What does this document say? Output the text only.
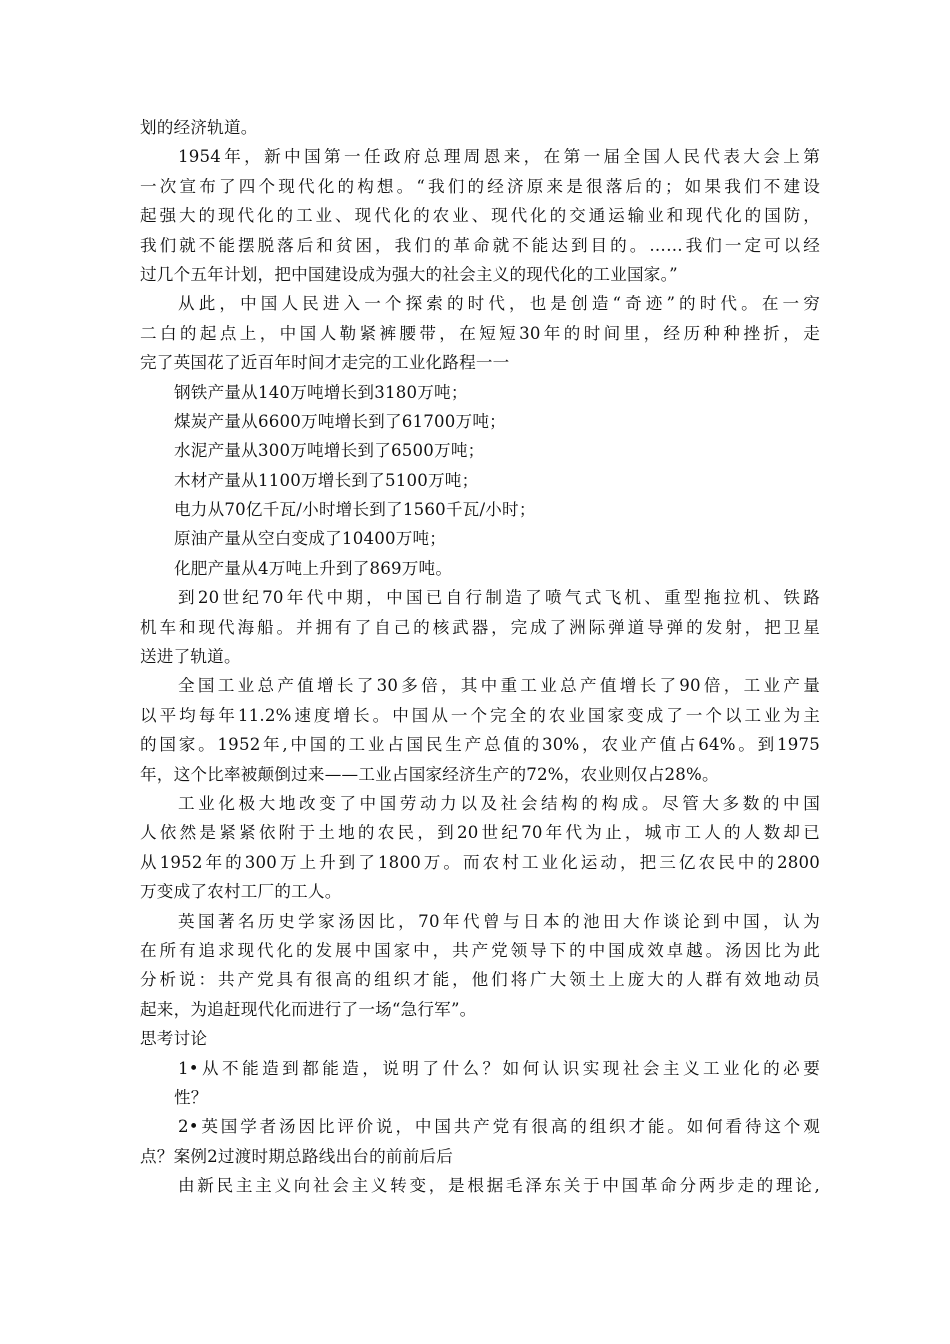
划的经济轨道。
1954年，新中国第一任政府总理周恩来，在第一届全国人民代表大会上第
一次宣布了四个现代化的构想。“我们的经济原来是很落后的；如果我们不建设
起强大的现代化的工业、现代化的农业、现代化的交通运输业和现代化的国防，
我们就不能摆脱落后和贫困，我们的革命就不能达到目的。……我们一定可以经
过几个五年计划，把中国建设成为强大的社会主义的现代化的工业国家。”
从此，中国人民进入一个探索的时代，也是创造“奇迹”的时代。在一穷
二白的起点上，中国人勒紧裤腰带，在短短30年的时间里，经历种种挫折，走
完了英国花了近百年时间才走完的工业化路程一一
钢铁产量从140万吨增长到3180万吨；
煤炭产量从6600万吨增长到了61700万吨；
水泥产量从300万吨增长到了6500万吨；
木材产量从1100万增长到了5100万吨；
电力从70亿千瓦/小时增长到了1560千瓦/小时；
原油产量从空白变成了10400万吨；
化肥产量从4万吨上升到了869万吨。
到20世纪70年代中期，中国已自行制造了喷气式飞机、重型拖拉机、铁路
机车和现代海船。并拥有了自己的核武器，完成了洲际弹道导弹的发射，把卫星
送进了轨道。
全国工业总产值增长了30多倍，其中重工业总产值增长了90倍，工业产量
以平均每年11.2%速度增长。中国从一个完全的农业国家变成了一个以工业为主
的国家。1952年,中国的工业占国民生产总值的30%，农业产值占64%。到1975
年，这个比率被颠倒过来——工业占国家经济生产的72%，农业则仅占28%。
工业化极大地改变了中国劳动力以及社会结构的构成。尽管大多数的中国
人依然是紧紧依附于土地的农民，到20世纪70年代为止，城市工人的人数却已
从1952年的300万上升到了1800万。而农村工业化运动，把三亿农民中的2800
万变成了农村工厂的工人。
英国著名历史学家汤因比，70年代曾与日本的池田大作谈论到中国，认为
在所有追求现代化的发展中国家中，共产党领导下的中国成效卓越。汤因比为此
分析说：共产党具有很高的组织才能，他们将广大领土上庞大的人群有效地动员
起来，为追赶现代化而进行了一场“急行军”。
思考讨论
1•从不能造到都能造，说明了什么？如何认识实现社会主义工业化的必要
性？
2•英国学者汤因比评价说，中国共产党有很高的组织才能。如何看待这个观
点？案例2过渡时期总路线出台的前前后后
由新民主主义向社会主义转变，是根据毛泽东关于中国革命分两步走的理论,
